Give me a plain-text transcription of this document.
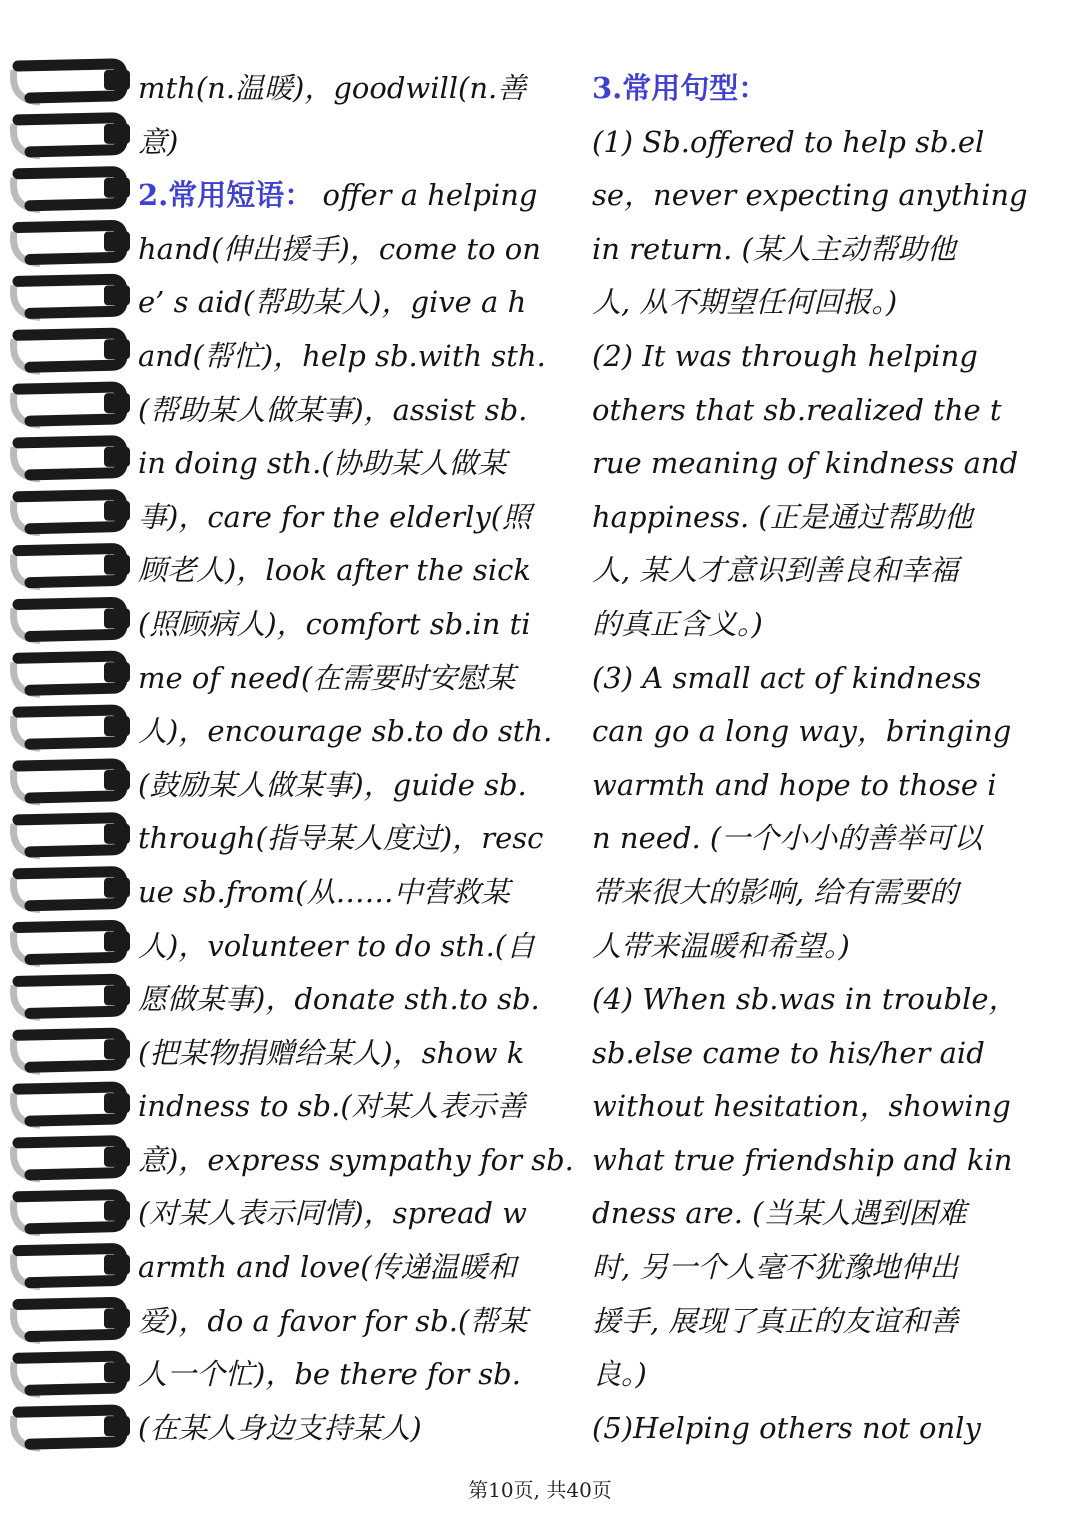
mth(n.温暖)，goodwill(n.善
意)
2.常用短语： offer a helping
hand(伸出援手)，come to on
e’ s aid(帮助某人)，give a h
and(帮忙)，help sb.with sth.
(帮助某人做某事)，assist sb.
in doing sth.(协助某人做某
事)，care for the elderly(照
顾老人)，look after the sick
(照顾病人)，comfort sb.in ti
me of need(在需要时安慰某
人)，encourage sb.to do sth.
(鼓励某人做某事)，guide sb.
through(指导某人度过)，resc
ue sb.from(从……中营救某
人)，volunteer to do sth.(自
愿做某事)，donate sth.to sb.
(把某物捐赠给某人)，show k
indness to sb.(对某人表示善
意)，express sympathy for sb.
(对某人表示同情)，spread w
armth and love(传递温暖和
爱)，do a favor for sb.(帮某
人一个忙)，be there for sb.
(在某人身边支持某人)
3.常用句型：
(1) Sb.offered to help sb.el
se，never expecting anything
in return. (某人主动帮助他
人, 从不期望任何回报。)
(2) It was through helping
others that sb.realized the t
rue meaning of kindness and
happiness. (正是通过帮助他
人, 某人才意识到善良和幸福
的真正含义。)
(3) A small act of kindness
can go a long way，bringing
warmth and hope to those i
n need. (一个小小的善举可以
带来很大的影响, 给有需要的
人带来温暖和希望。)
(4) When sb.was in trouble，
sb.else came to his/her aid
without hesitation，showing
what true friendship and kin
dness are. (当某人遇到困难
时, 另一个人毫不犹豫地伸出
援手, 展现了真正的友谊和善
良。)
(5)Helping others not only
第10页, 共40页
